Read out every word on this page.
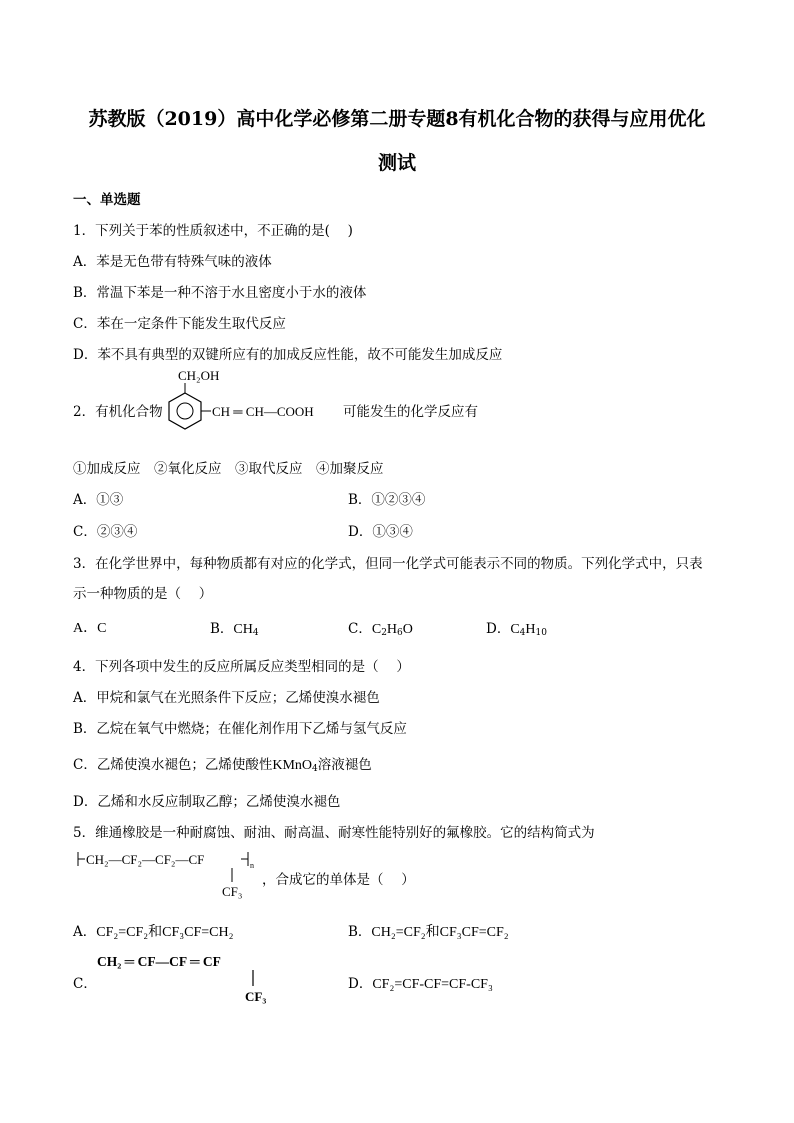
苏教版（2019）高中化学必修第二册专题8有机化合物的获得与应用优化
测试
一、单选题
1．下列关于苯的性质叙述中，不正确的是(　 )
A．苯是无色带有特殊气味的液体
B．常温下苯是一种不溶于水且密度小于水的液体
C．苯在一定条件下能发生取代反应
D．苯不具有典型的双键所应有的加成反应性能，故不可能发生加成反应
2．有机化合物
CH₂OH
CH ═ CH—COOH 可能发生的化学反应有
①加成反应　②氧化反应　③取代反应　④加聚反应
A．①③	B．①②③④
C．②③④	D．①③④
3．在化学世界中，每种物质都有对应的化学式，但同一化学式可能表示不同的物质。下列化学式中，只表
示一种物质的是（　 ）
A．C	B．$CH_4$	C．$C_2H_6O$	D．$C_4H_{10}$
4．下列各项中发生的反应所属反应类型相同的是（　 ）
A．甲烷和氯气在光照条件下反应；乙烯使溴水褪色
B．乙烷在氧气中燃烧；在催化剂作用下乙烯与氢气反应
C．乙烯使溴水褪色；乙烯使酸性KMnO$_4$溶液褪色
D．乙烯和水反应制取乙醇；乙烯使溴水褪色
5．维通橡胶是一种耐腐蚀、耐油、耐高温、耐寒性能特别好的氟橡胶。它的结构简式为
CH₂—CF₂—CF₂—CF	n
CF₃
，合成它的单体是（　 ）
A．CF₂=CF₂和CF₃CF=CH₂	B．CH₂=CF₂和CF₃CF=CF₂
C．
CH₂ ═ CF—CF ═ CF
CF₃
D．CF₂=CF-CF=CF-CF₃
